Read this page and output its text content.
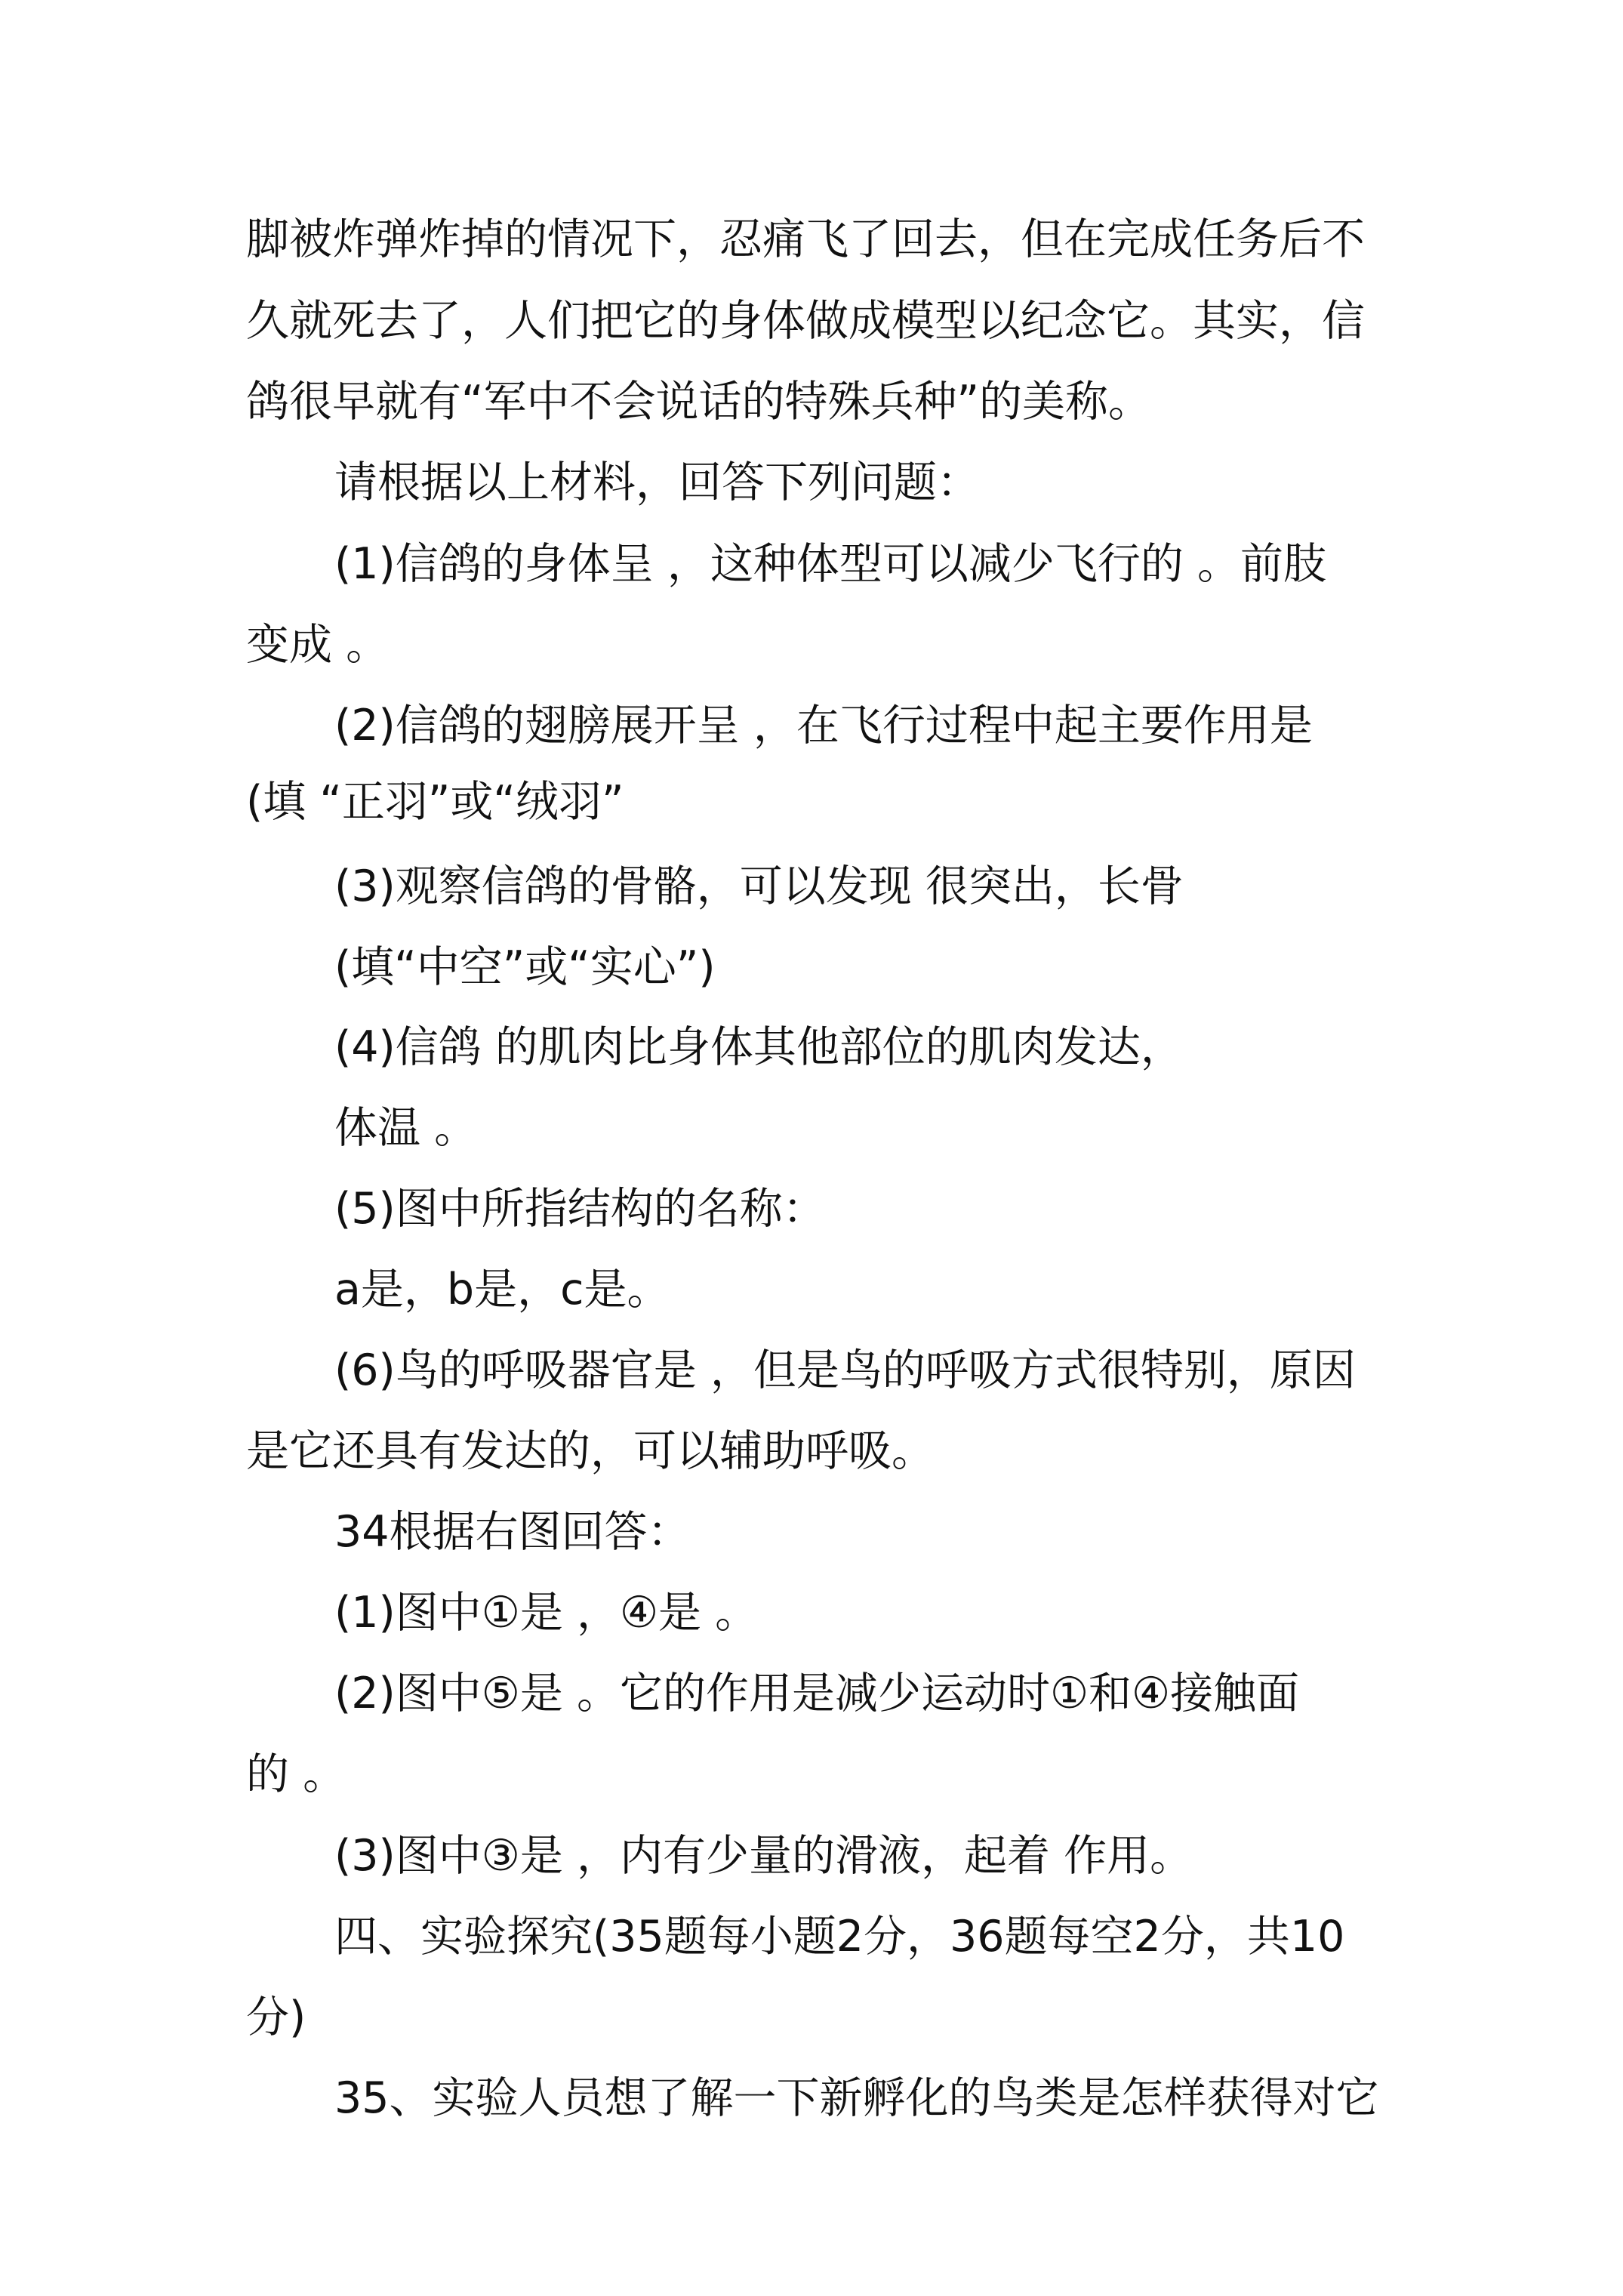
脚被炸弹炸掉的情况下，忍痛飞了回去，但在完成任务后不
久就死去了，人们把它的身体做成模型以纪念它。其实，信
鸽很早就有“军中不会说话的特殊兵种”的美称。
请根据以上材料，回答下列问题：
(1)信鸽的身体呈 ，这种体型可以减少飞行的 。前肢
变成 。
(2)信鸽的翅膀展开呈 ，在飞行过程中起主要作用是
(填 “正羽”或“绒羽”
(3)观察信鸽的骨骼，可以发现 很突出，长骨
(填“中空”或“实心”)
(4)信鸽 的肌肉比身体其他部位的肌肉发达，
体温 。
(5)图中所指结构的名称：
a是，b是，c是。
(6)鸟的呼吸器官是 ，但是鸟的呼吸方式很特别，原因
是它还具有发达的，可以辅助呼吸。
34根据右图回答：
(1)图中①是 ，④是 。
(2)图中⑤是 。它的作用是减少运动时①和④接触面
的 。
(3)图中③是 ，内有少量的滑液，起着 作用。
四、实验探究(35题每小题2分，36题每空2分，共10
分)
35、实验人员想了解一下新孵化的鸟类是怎样获得对它
